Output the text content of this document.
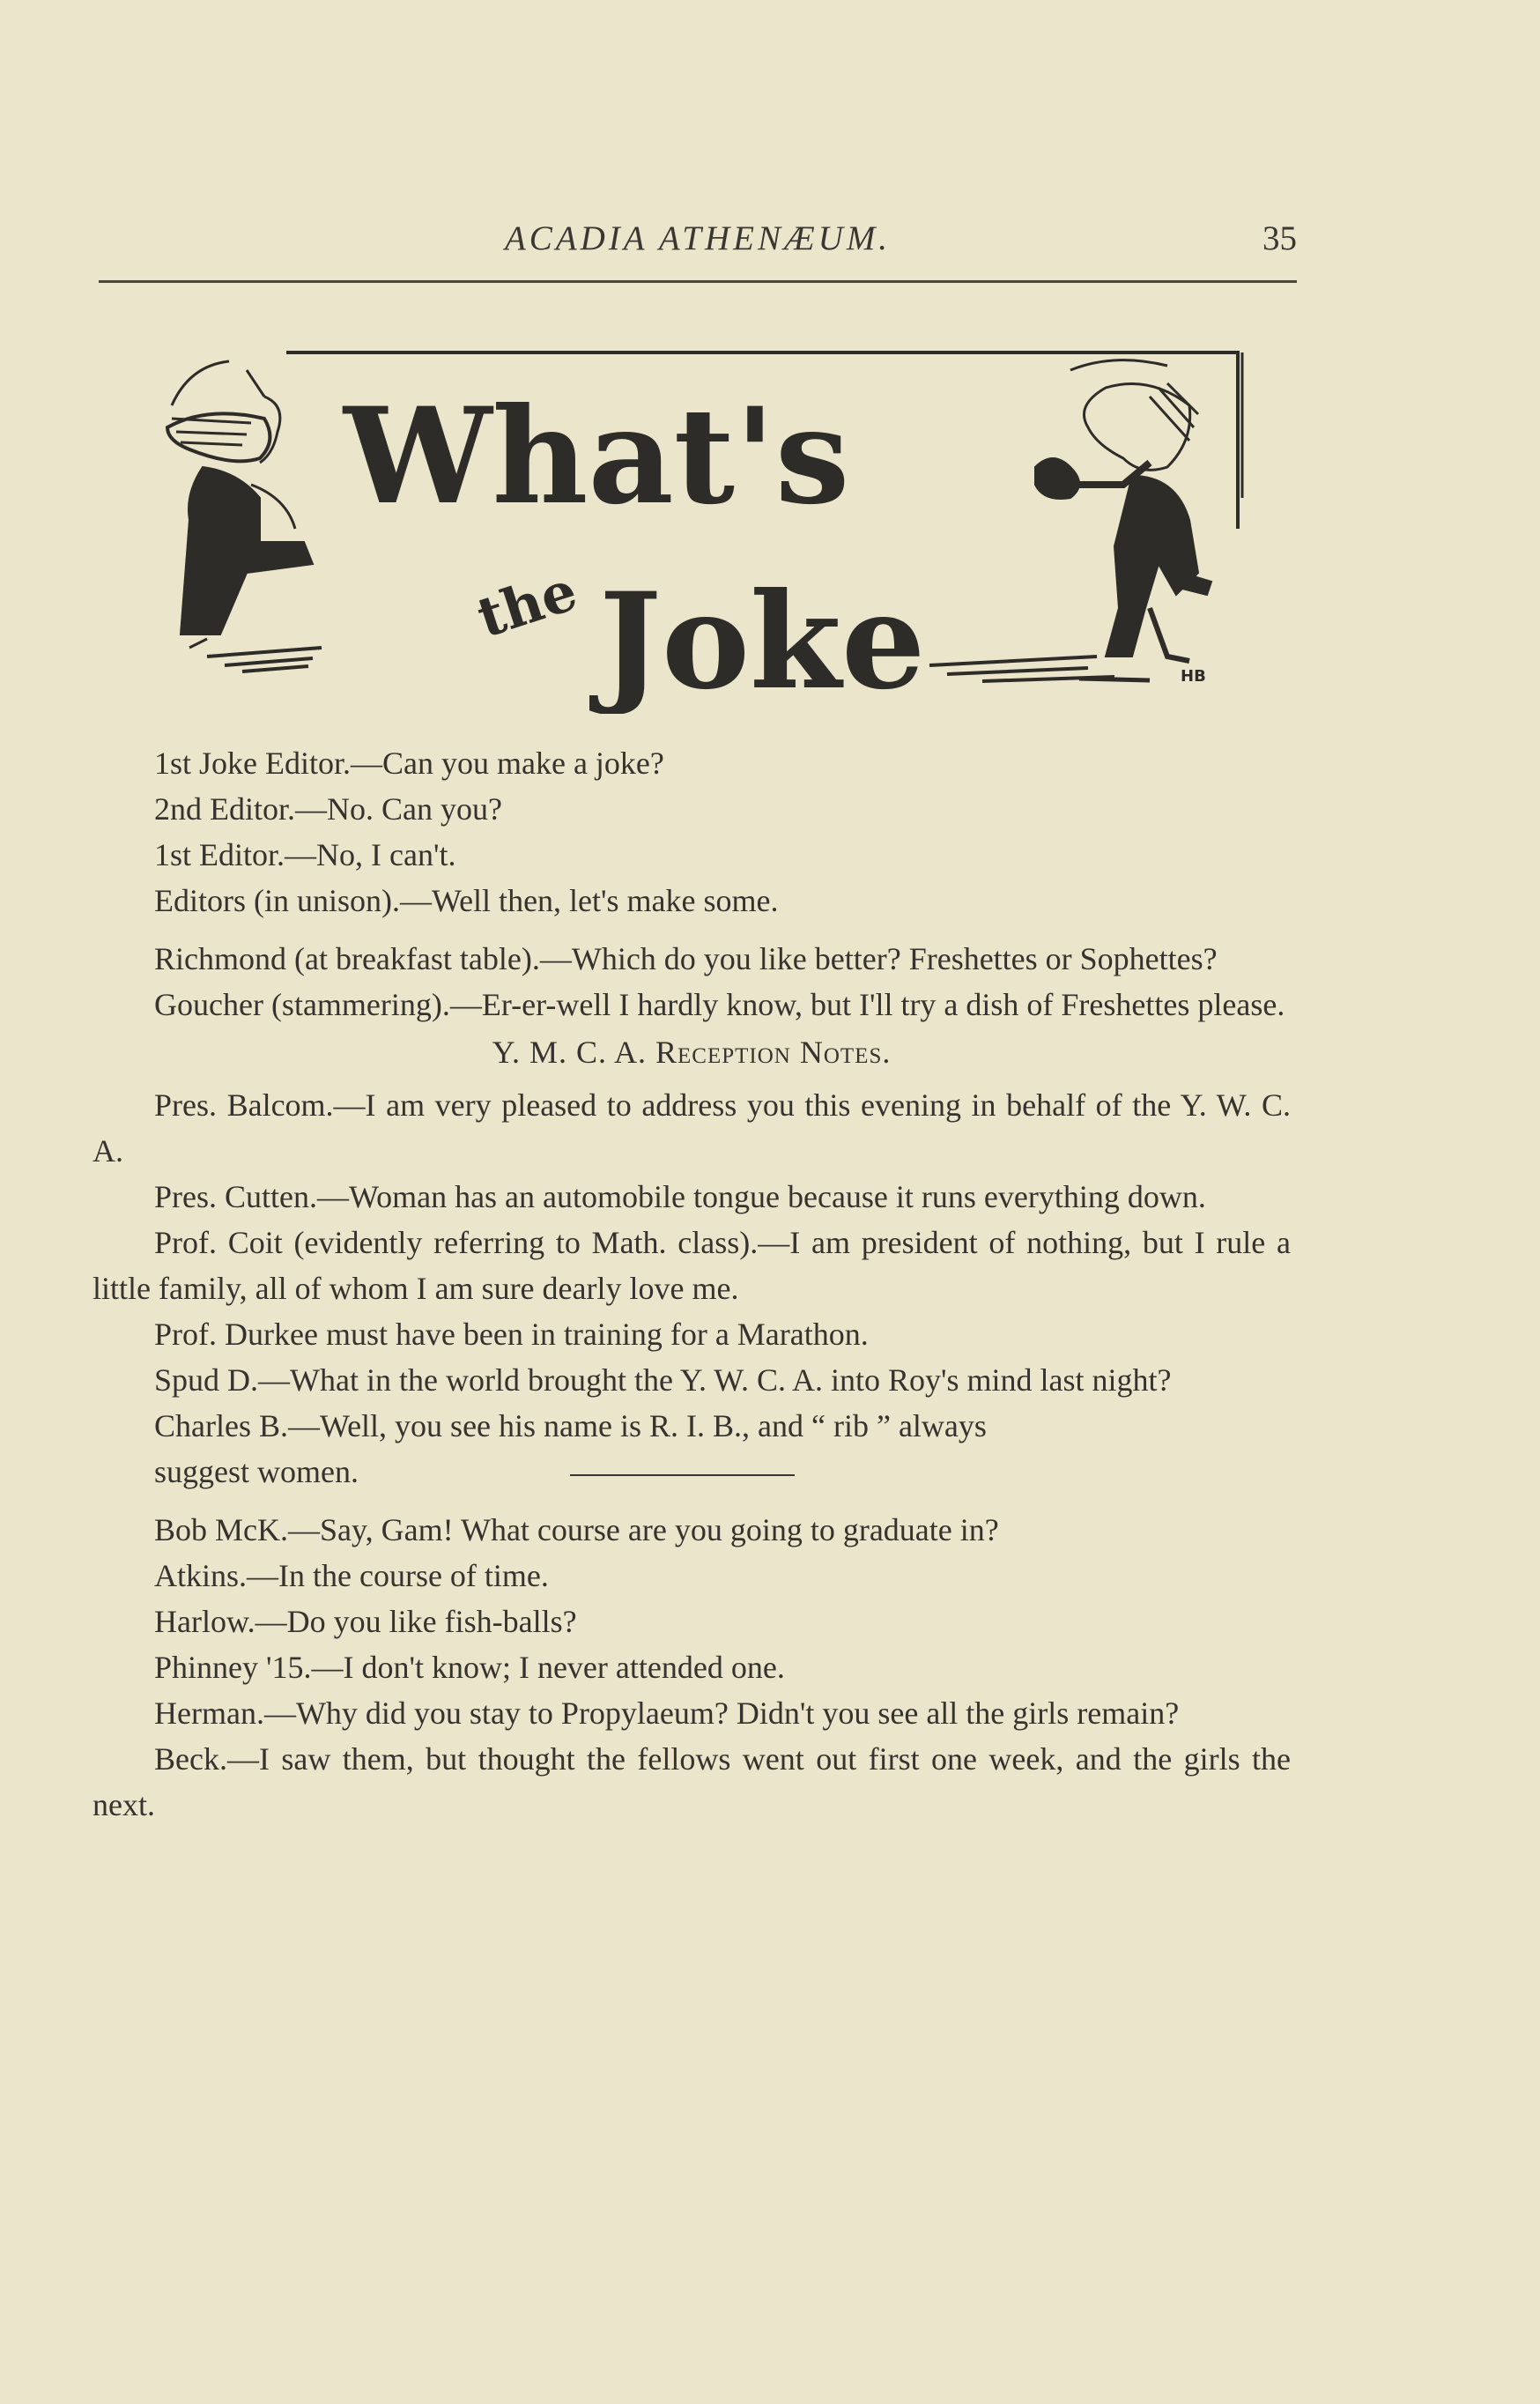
ACADIA ATHENÆUM.	35
What's
the Joke	HB

1st Joke Editor.—Can you make a joke?

2nd Editor.—No. Can you?

1st Editor.—No, I can't.

Editors (in unison).—Well then, let's make some.

Richmond (at breakfast table).—Which do you like better? Freshettes or Sophettes?

Goucher (stammering).—Er-er-well I hardly know, but I'll try a dish of Freshettes please.

Y. M. C. A. Reception Notes.

Pres. Balcom.—I am very pleased to address you this evening in behalf of the Y. W. C. A.

Pres. Cutten.—Woman has an automobile tongue because it runs everything down.

Prof. Coit (evidently referring to Math. class).—I am president of nothing, but I rule a little family, all of whom I am sure dearly love me.

Prof. Durkee must have been in training for a Marathon.

Spud D.—What in the world brought the Y. W. C. A. into Roy's mind last night?

Charles B.—Well, you see his name is R. I. B., and “ rib ” always

suggest women.

Bob McK.—Say, Gam! What course are you going to graduate in?

Atkins.—In the course of time.

Harlow.—Do you like fish-balls?

Phinney '15.—I don't know; I never attended one.

Herman.—Why did you stay to Propylaeum? Didn't you see all the girls remain?

Beck.—I saw them, but thought the fellows went out first one week, and the girls the next.
